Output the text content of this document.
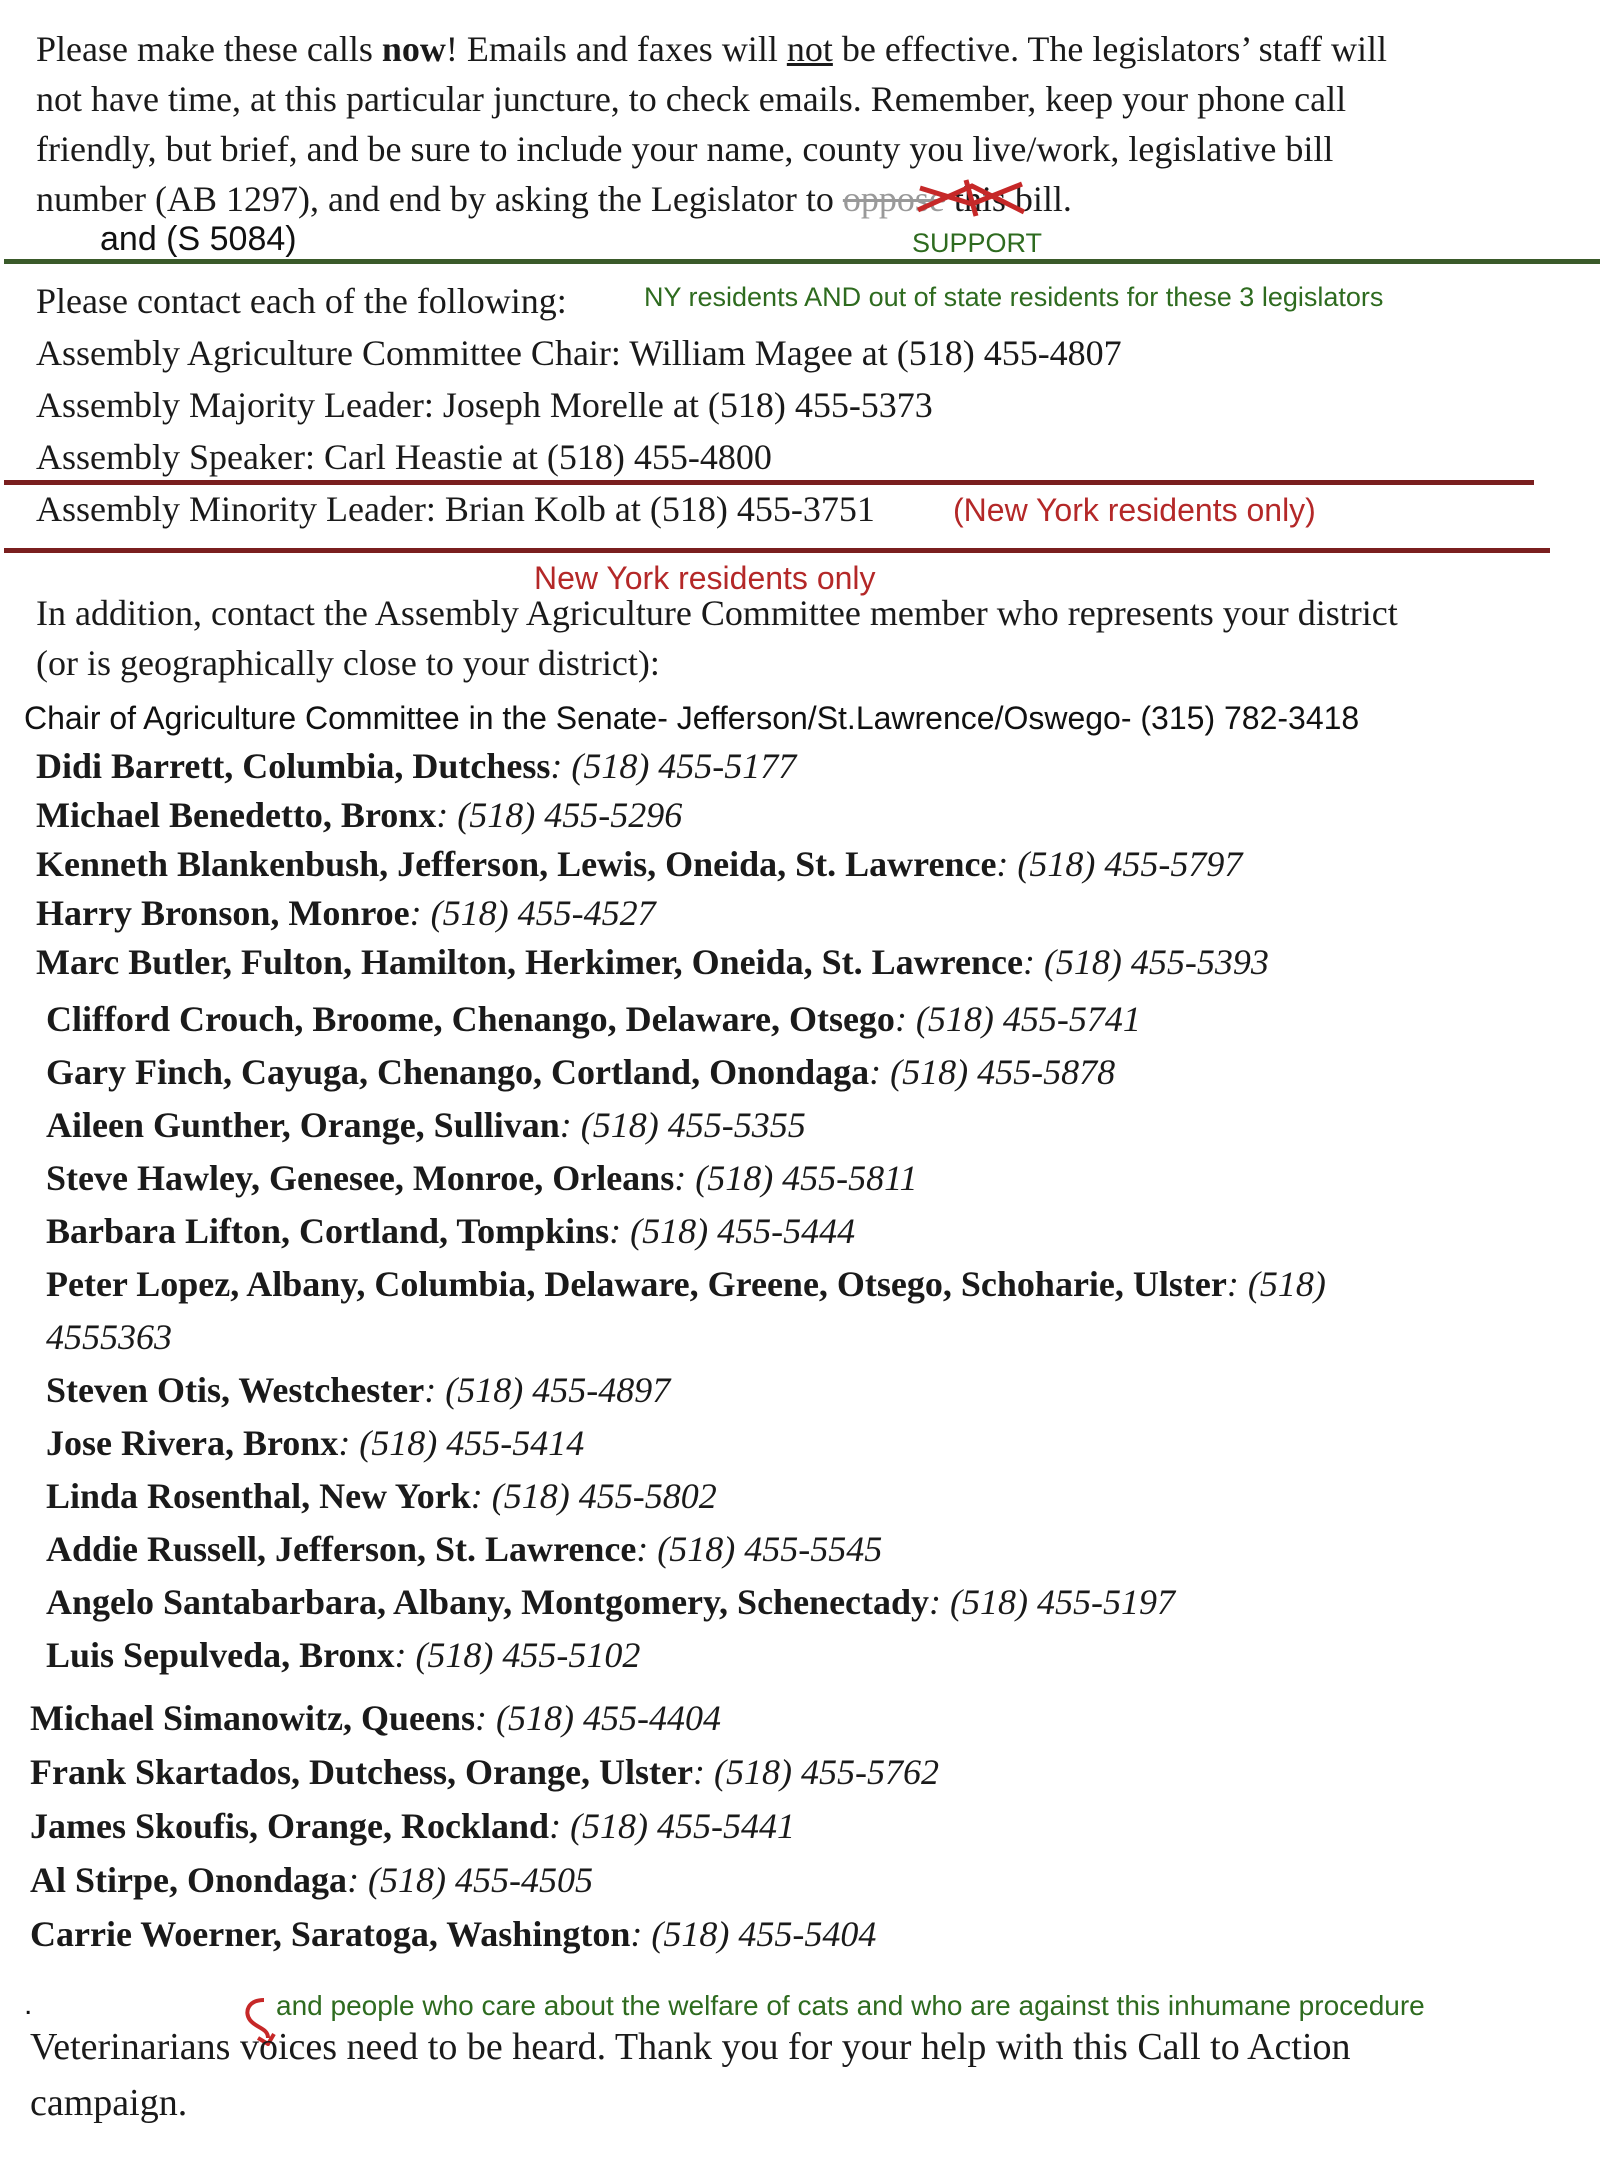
Please make these calls now! Emails and faxes will not be effective. The legislators’ staff will
not have time, at this particular juncture, to check emails. Remember, keep your phone call
friendly, but brief, and be sure to include your name, county you live/work, legislative bill
number (AB 1297), and end by asking the Legislator to oppose this bill.
and (S 5084)	SUPPORT
Please contact each of the following:	NY residents AND out of state residents for these 3 legislators
Assembly Agriculture Committee Chair: William Magee at (518) 455-4807
Assembly Majority Leader: Joseph Morelle at (518) 455-5373
Assembly Speaker: Carl Heastie at (518) 455-4800
Assembly Minority Leader: Brian Kolb at (518) 455-3751 (New York residents only)
New York residents only
In addition, contact the Assembly Agriculture Committee member who represents your district
(or is geographically close to your district):
Chair of Agriculture Committee in the Senate- Jefferson/St.Lawrence/Oswego- (315) 782-3418
Didi Barrett, Columbia, Dutchess: (518) 455-5177
Michael Benedetto, Bronx: (518) 455-5296
Kenneth Blankenbush, Jefferson, Lewis, Oneida, St. Lawrence: (518) 455-5797
Harry Bronson, Monroe: (518) 455-4527
Marc Butler, Fulton, Hamilton, Herkimer, Oneida, St. Lawrence: (518) 455-5393
Clifford Crouch, Broome, Chenango, Delaware, Otsego: (518) 455-5741
Gary Finch, Cayuga, Chenango, Cortland, Onondaga: (518) 455-5878
Aileen Gunther, Orange, Sullivan: (518) 455-5355
Steve Hawley, Genesee, Monroe, Orleans: (518) 455-5811
Barbara Lifton, Cortland, Tompkins: (518) 455-5444
Peter Lopez, Albany, Columbia, Delaware, Greene, Otsego, Schoharie, Ulster: (518)
4555363
Steven Otis, Westchester: (518) 455-4897
Jose Rivera, Bronx: (518) 455-5414
Linda Rosenthal, New York: (518) 455-5802
Addie Russell, Jefferson, St. Lawrence: (518) 455-5545
Angelo Santabarbara, Albany, Montgomery, Schenectady: (518) 455-5197
Luis Sepulveda, Bronx: (518) 455-5102
Michael Simanowitz, Queens: (518) 455-4404
Frank Skartados, Dutchess, Orange, Ulster: (518) 455-5762
James Skoufis, Orange, Rockland: (518) 455-5441
Al Stirpe, Onondaga: (518) 455-4505
Carrie Woerner, Saratoga, Washington: (518) 455-5404
.	and people who care about the welfare of cats and who are against this inhumane procedure
Veterinarians voices need to be heard. Thank you for your help with this Call to Action
campaign.
